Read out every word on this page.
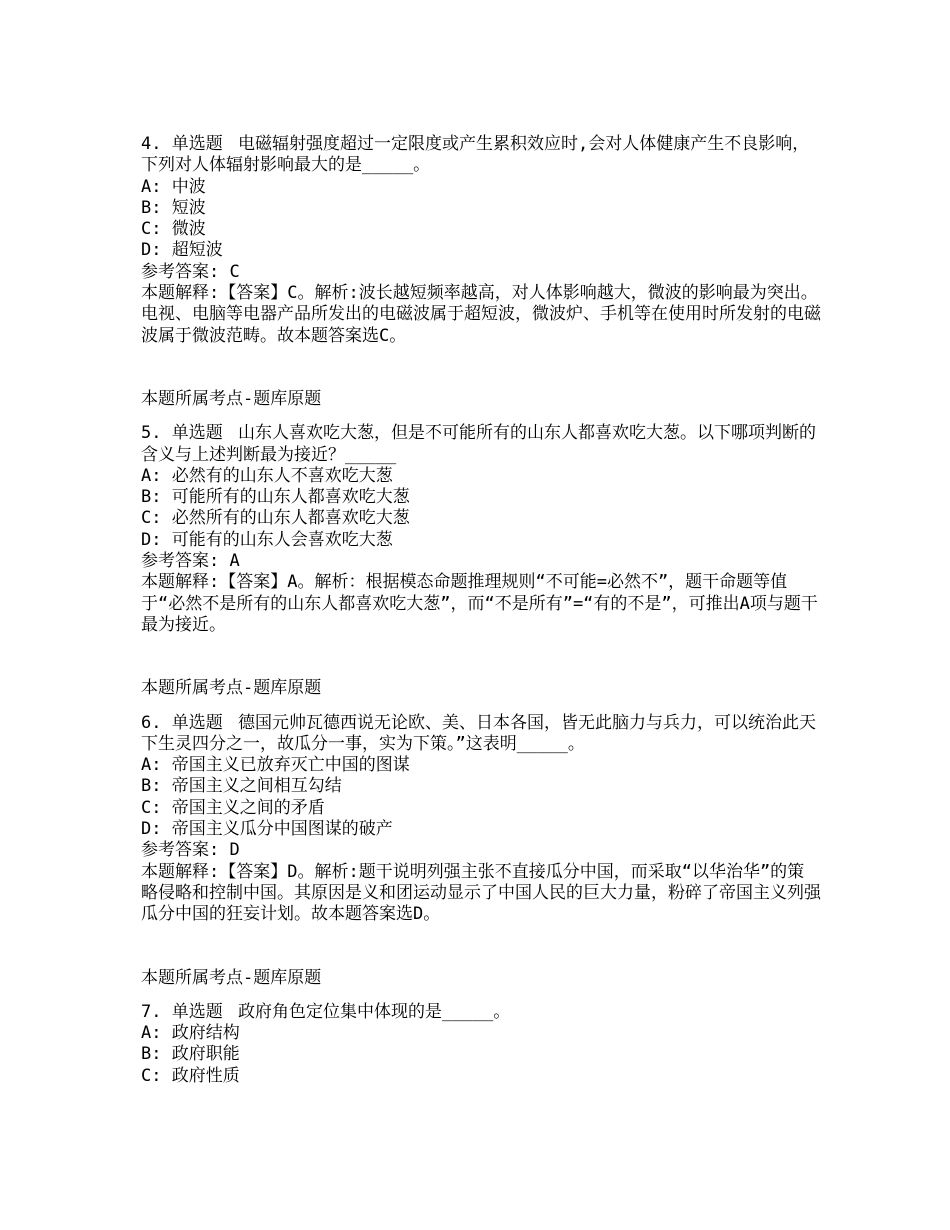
4. 单选题 电磁辐射强度超过一定限度或产生累积效应时,会对人体健康产生不良影响，下列对人体辐射影响最大的是_____。

A: 中波

B: 短波

C: 微波

D: 超短波

参考答案: C

本题解释:【答案】C。解析:波长越短频率越高，对人体影响越大，微波的影响最为突出。电视、电脑等电器产品所发出的电磁波属于超短波，微波炉、手机等在使用时所发射的电磁波属于微波范畴。故本题答案选C。

本题所属考点-题库原题

5. 单选题 山东人喜欢吃大葱，但是不可能所有的山东人都喜欢吃大葱。以下哪项判断的含义与上述判断最为接近？_____

A: 必然有的山东人不喜欢吃大葱

B: 可能所有的山东人都喜欢吃大葱

C: 必然所有的山东人都喜欢吃大葱

D: 可能有的山东人会喜欢吃大葱

参考答案: A

本题解释:【答案】A。解析：根据模态命题推理规则“不可能=必然不”，题干命题等值于“必然不是所有的山东人都喜欢吃大葱”，而“不是所有”=“有的不是”，可推出A项与题干最为接近。

本题所属考点-题库原题

6. 单选题 德国元帅瓦德西说无论欧、美、日本各国，皆无此脑力与兵力，可以统治此天下生灵四分之一，故瓜分一事，实为下策。”这表明_____。

A: 帝国主义已放弃灭亡中国的图谋

B: 帝国主义之间相互勾结

C: 帝国主义之间的矛盾

D: 帝国主义瓜分中国图谋的破产

参考答案: D

本题解释:【答案】D。解析:题干说明列强主张不直接瓜分中国，而采取“以华治华”的策略侵略和控制中国。其原因是义和团运动显示了中国人民的巨大力量，粉碎了帝国主义列强瓜分中国的狂妄计划。故本题答案选D。

本题所属考点-题库原题

7. 单选题 政府角色定位集中体现的是_____。

A: 政府结构

B: 政府职能

C: 政府性质
